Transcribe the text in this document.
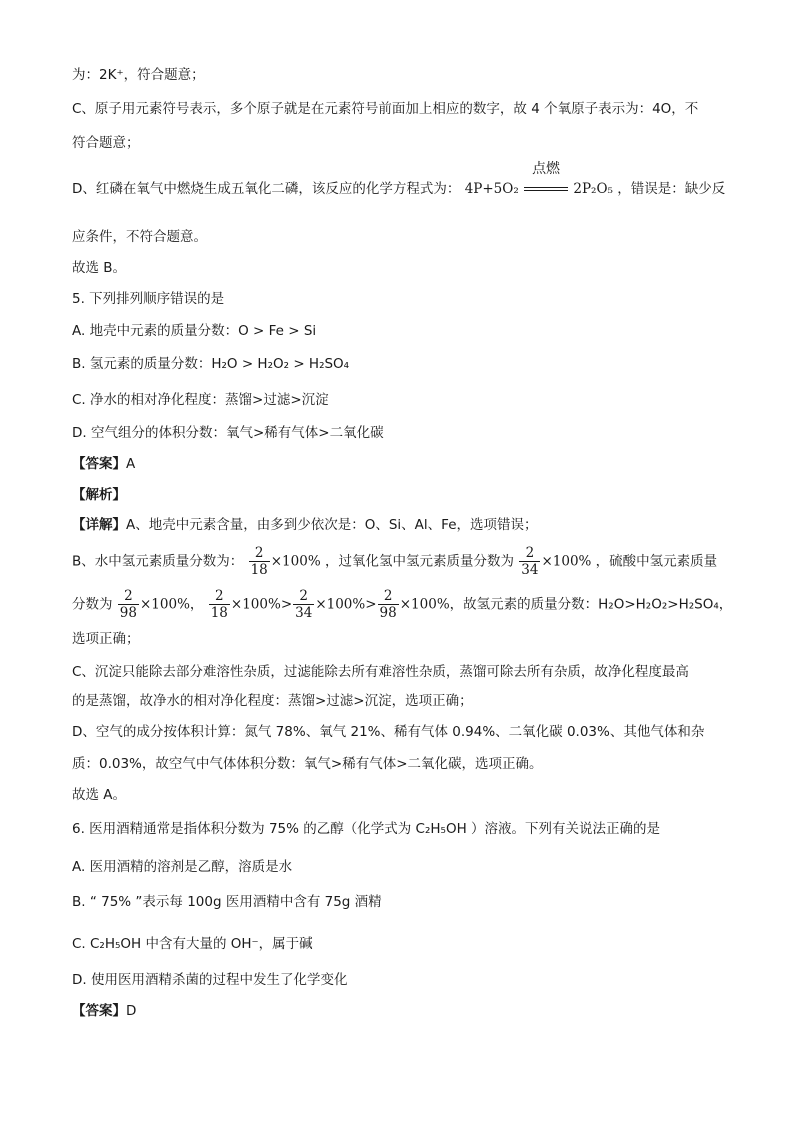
为：2K⁺，符合题意；
C、原子用元素符号表示，多个原子就是在元素符号前面加上相应的数字，故 4 个氧原子表示为：4O，不
符合题意；
D、红磷在氧气中燃烧生成五氧化二磷，该反应的化学方程式为： 4P+5O₂
点燃
2P₂O₅ ，错误是：缺少反
应条件，不符合题意。
故选 B。
5. 下列排列顺序错误的是
A. 地壳中元素的质量分数：O > Fe > Si
B. 氢元素的质量分数：H₂O > H₂O₂ > H₂SO₄
C. 净水的相对净化程度：蒸馏>过滤>沉淀
D. 空气组分的体积分数：氧气>稀有气体>二氧化碳
【答案】A
【解析】
【详解】A、地壳中元素含量，由多到少依次是：O、Si、Al、Fe，选项错误；
B、水中氢元素质量分数为： $\frac{2}{18} \times 100\%$ ，过氧化氢中氢元素质量分数为 $\frac{2}{34} \times 100\%$ ，硫酸中氢元素质量
分数为 $\frac{2}{98} \times 100\%$， $\frac{2}{18} \times 100\%> \frac{2}{34} \times 100\%> \frac{2}{98} \times 100\%$，故氢元素的质量分数：H₂O>H₂O₂>H₂SO₄，
选项正确；
C、沉淀只能除去部分难溶性杂质，过滤能除去所有难溶性杂质，蒸馏可除去所有杂质，故净化程度最高
的是蒸馏，故净水的相对净化程度：蒸馏>过滤>沉淀，选项正确；
D、空气的成分按体积计算：氮气 78%、氧气 21%、稀有气体 0.94%、二氧化碳 0.03%、其他气体和杂
质：0.03%，故空气中气体体积分数：氧气>稀有气体>二氧化碳，选项正确。
故选 A。
6. 医用酒精通常是指体积分数为 75% 的乙醇（化学式为 C₂H₅OH ）溶液。下列有关说法正确的是
A. 医用酒精的溶剂是乙醇，溶质是水
B. “ 75% ”表示每 100g 医用酒精中含有 75g 酒精
C. C₂H₅OH 中含有大量的 OH⁻，属于碱
D. 使用医用酒精杀菌的过程中发生了化学变化
【答案】D
